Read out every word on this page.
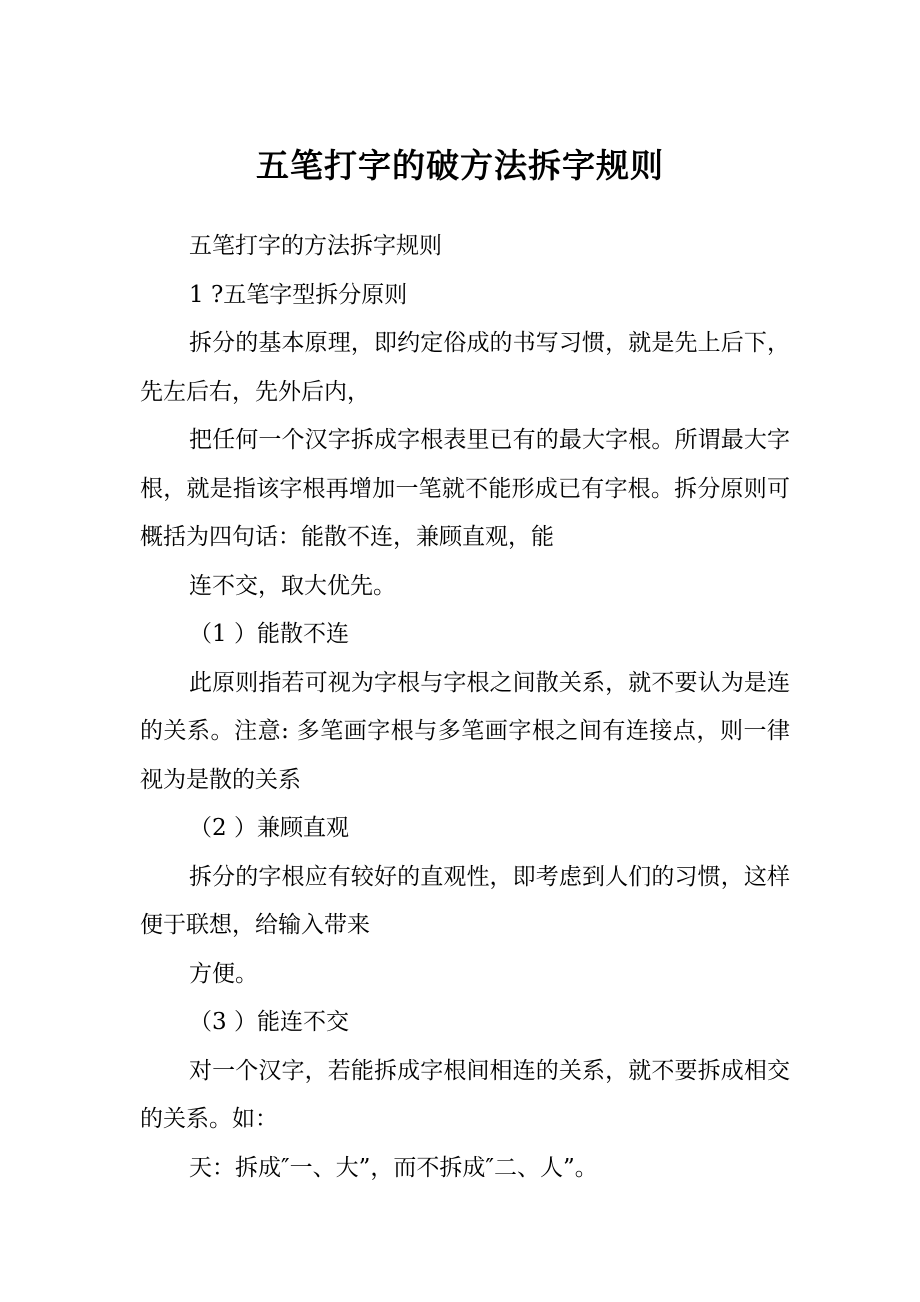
五笔打字的破方法拆字规则

五笔打字的方法拆字规则

1 ?五笔字型拆分原则

拆分的基本原理，即约定俗成的书写习惯，就是先上后下，先左后右，先外后内，

把任何一个汉字拆成字根表里已有的最大字根。所谓最大字根，就是指该字根再增加一笔就不能形成已有字根。拆分原则可概括为四句话：能散不连，兼顾直观，能

连不交，取大优先。

（1 ）能散不连

此原则指若可视为字根与字根之间散关系，就不要认为是连的关系。注意: 多笔画字根与多笔画字根之间有连接点，则一律视为是散的关系

（2 ）兼顾直观

拆分的字根应有较好的直观性，即考虑到人们的习惯，这样便于联想，给输入带来

方便。

（3 ）能连不交

对一个汉字，若能拆成字根间相连的关系，就不要拆成相交的关系。如：

天：拆成″一、大”，而不拆成″二、人”。
